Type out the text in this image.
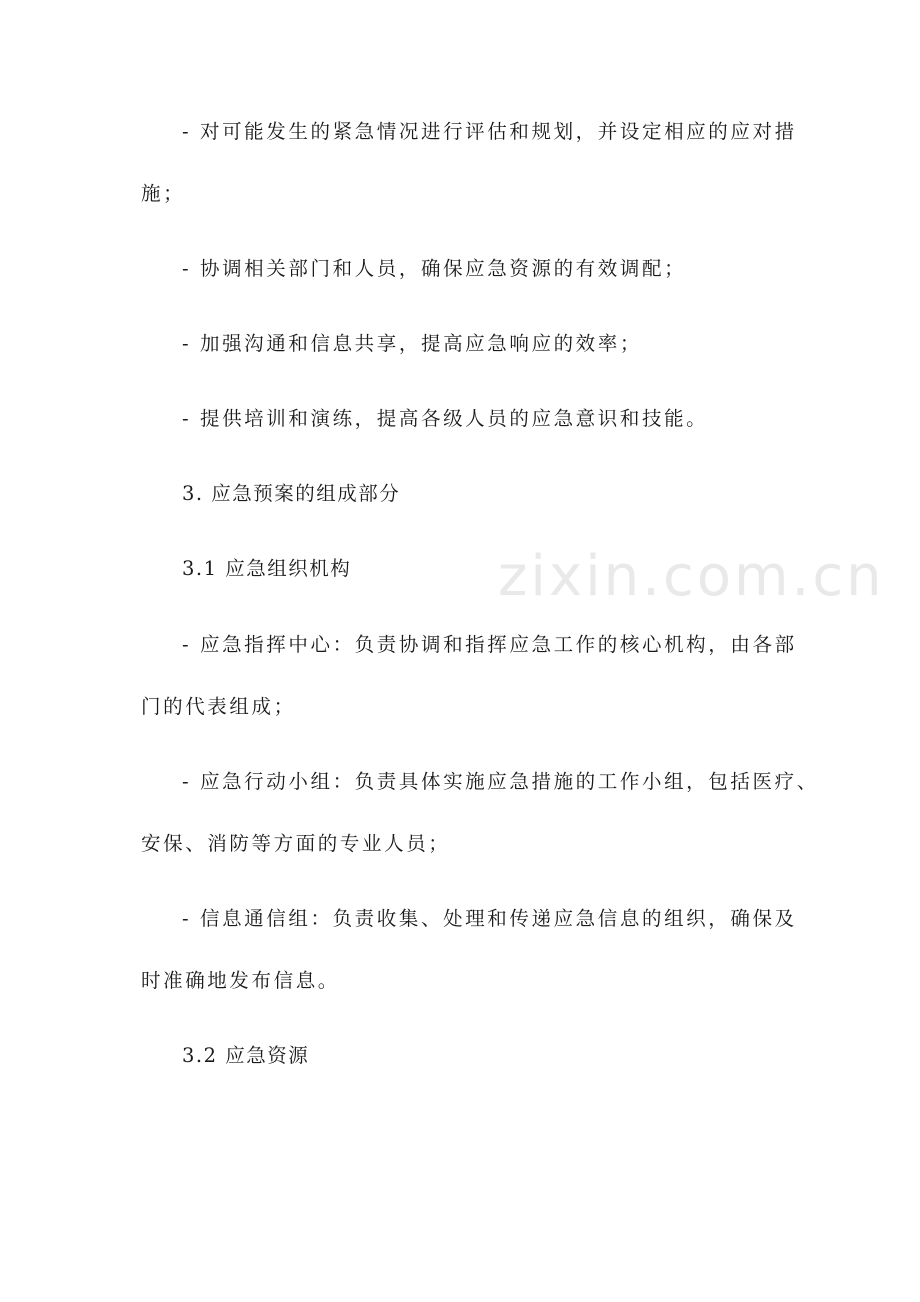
zixin.com.cn
- 对可能发生的紧急情况进行评估和规划，并设定相应的应对措
施；
- 协调相关部门和人员，确保应急资源的有效调配；
- 加强沟通和信息共享，提高应急响应的效率；
- 提供培训和演练，提高各级人员的应急意识和技能。
3. 应急预案的组成部分
3.1 应急组织机构
- 应急指挥中心：负责协调和指挥应急工作的核心机构，由各部
门的代表组成；
- 应急行动小组：负责具体实施应急措施的工作小组，包括医疗、
安保、消防等方面的专业人员；
- 信息通信组：负责收集、处理和传递应急信息的组织，确保及
时准确地发布信息。
3.2 应急资源
